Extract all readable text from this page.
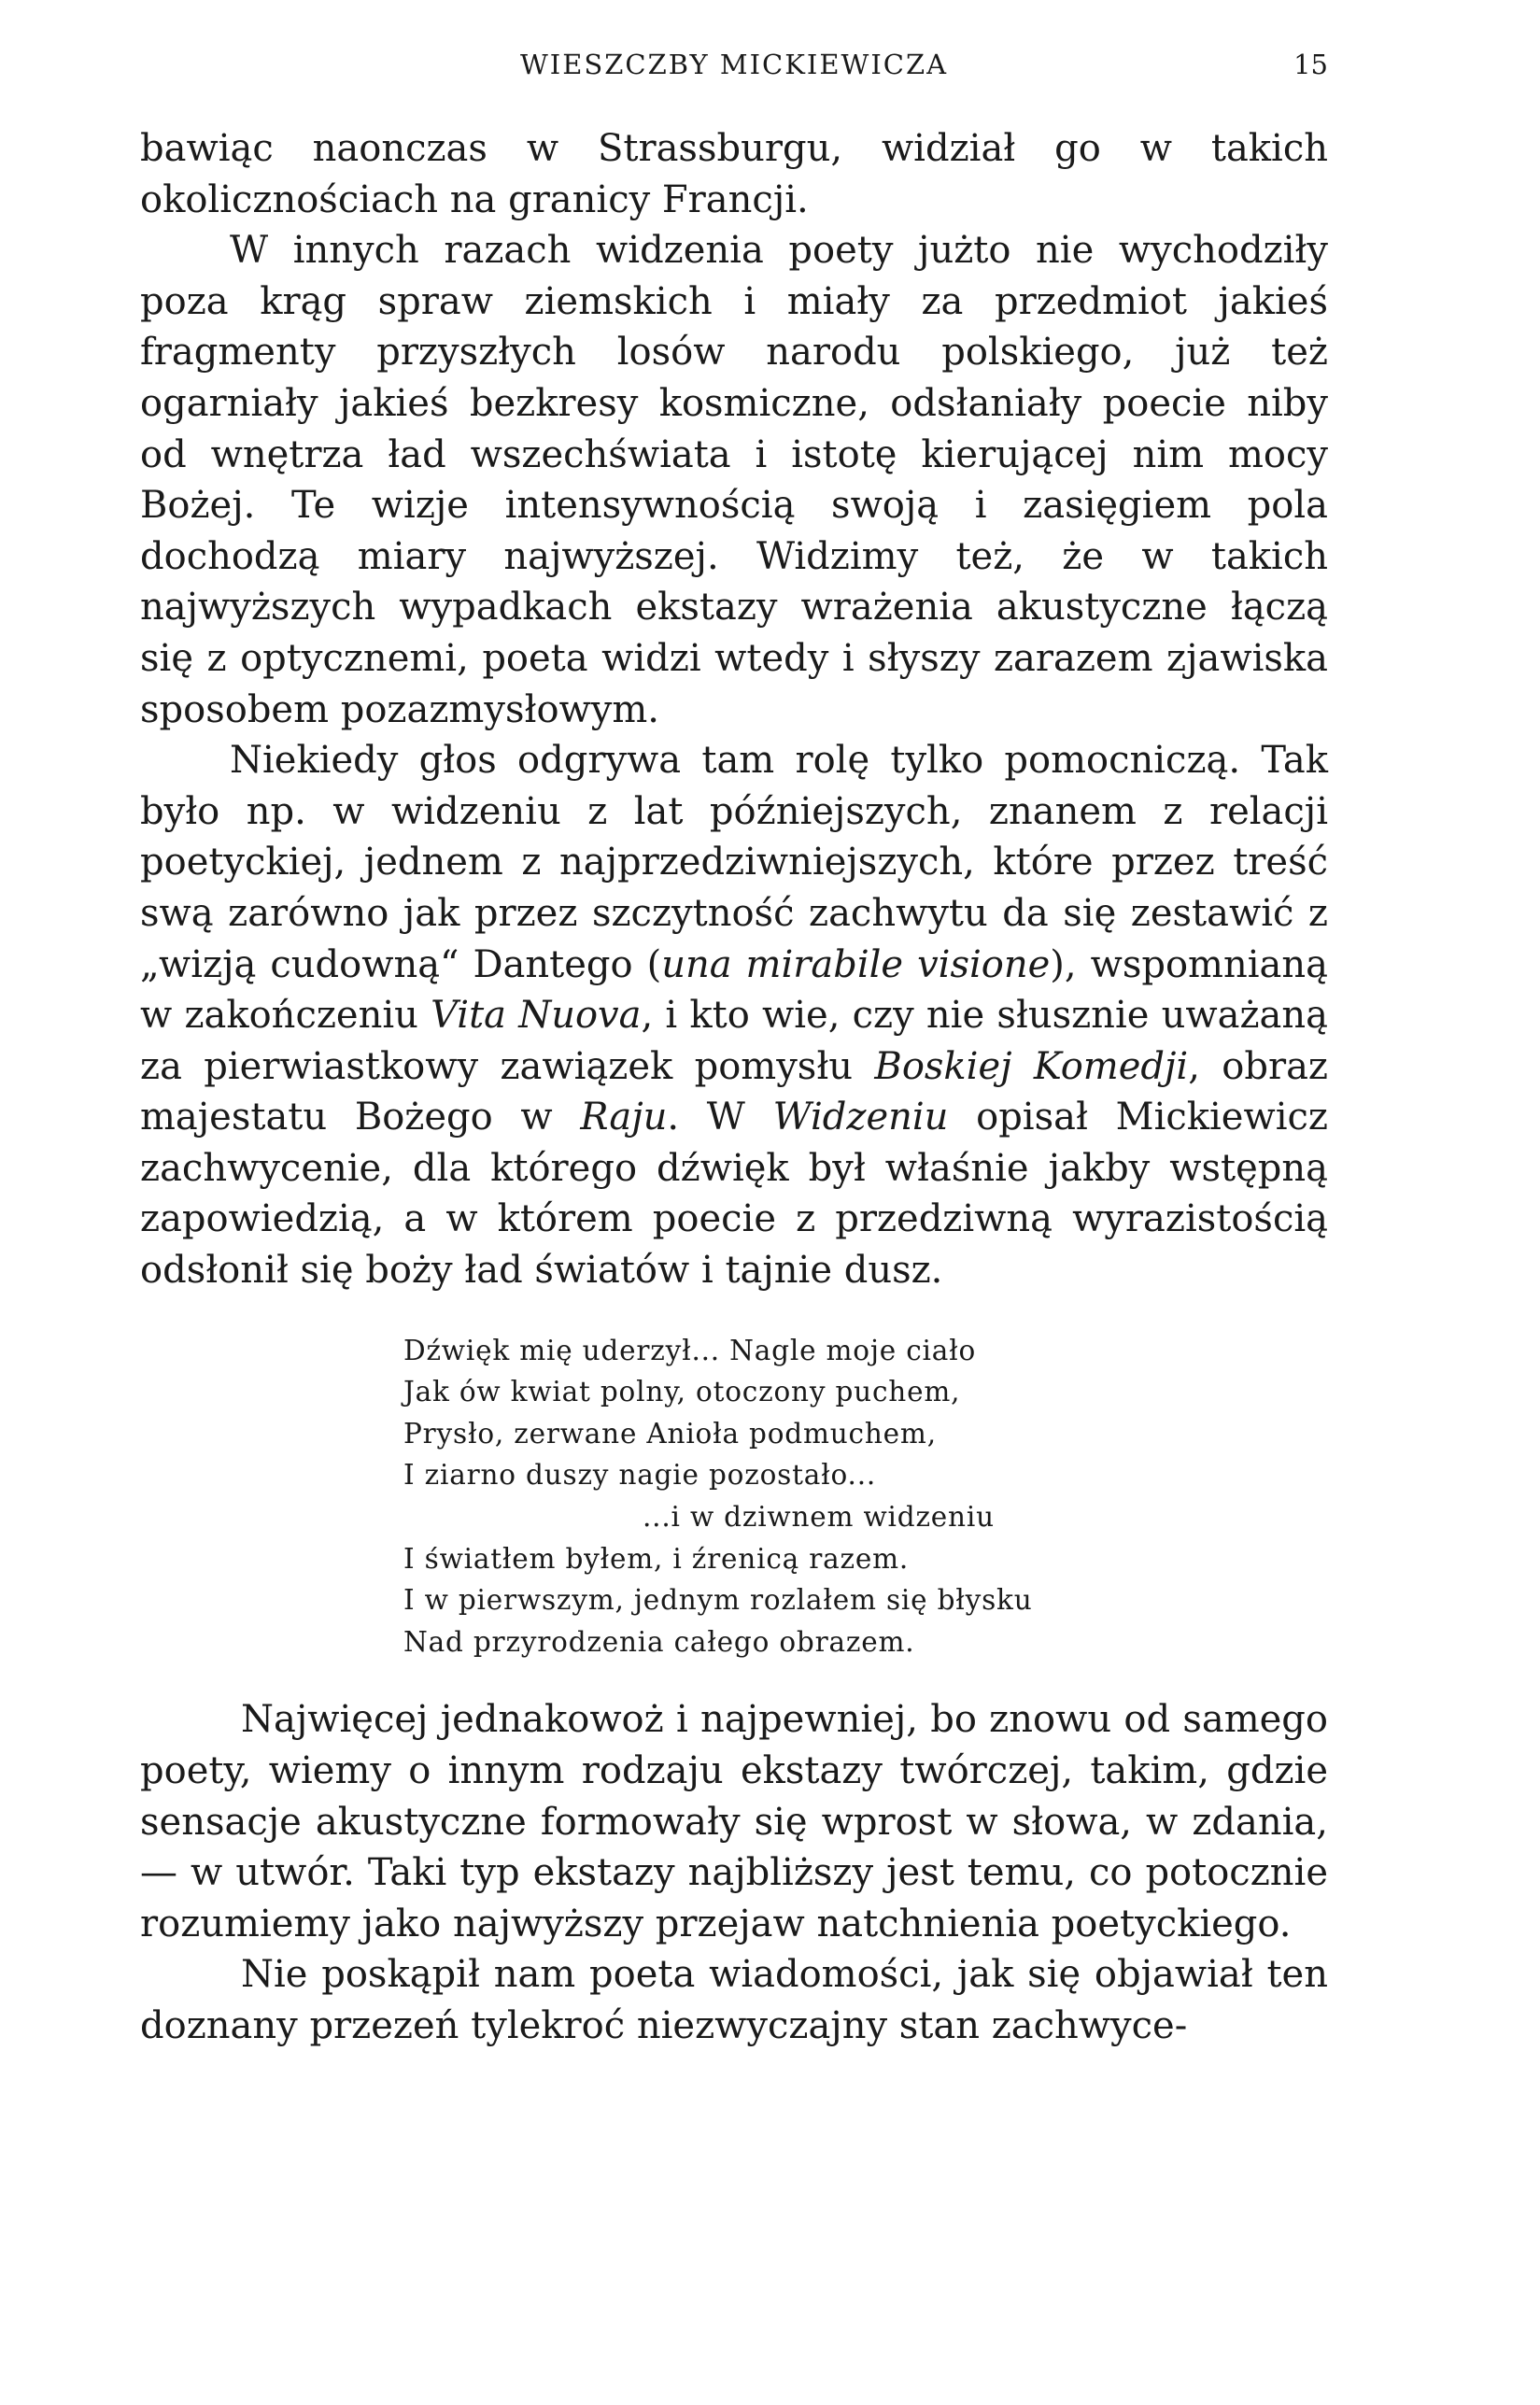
WIESZCZBY MICKIEWICZA	15

bawiąc naonczas w Strassburgu, widział go w takich okolicznościach na granicy Francji.

W innych razach widzenia poety jużto nie wychodziły poza krąg spraw ziemskich i miały za przedmiot jakieś fragmenty przyszłych losów narodu polskiego, już też ogarniały jakieś bezkresy kosmiczne, odsłaniały poecie niby od wnętrza ład wszechświata i istotę kierującej nim mocy Bożej. Te wizje intensywnością swoją i zasięgiem pola dochodzą miary najwyższej. Widzimy też, że w takich najwyższych wypadkach ekstazy wrażenia akustyczne łączą się z optycznemi, poeta widzi wtedy i słyszy zarazem zjawiska sposobem pozazmysłowym.

Niekiedy głos odgrywa tam rolę tylko pomocniczą. Tak było np. w widzeniu z lat późniejszych, znanem z relacji poetyckiej, jednem z najprzedziwniejszych, które przez treść swą zarówno jak przez szczytność zachwytu da się zestawić z „wizją cudowną“ Dantego (una mirabile visione), wspomnianą w zakończeniu Vita Nuova, i kto wie, czy nie słusznie uważaną za pierwiastkowy zawiązek pomysłu Boskiej Komedji, obraz majestatu Bożego w Raju. W Widzeniu opisał Mickiewicz zachwycenie, dla którego dźwięk był właśnie jakby wstępną zapowiedzią, a w którem poecie z przedziwną wyrazistością odsłonił się boży ład światów i tajnie dusz.

Dźwięk mię uderzył... Nagle moje ciało
Jak ów kwiat polny, otoczony puchem,
Prysło, zerwane Anioła podmuchem,
I ziarno duszy nagie pozostało...
...i w dziwnem widzeniu
I światłem byłem, i źrenicą razem.
I w pierwszym, jednym rozlałem się błysku
Nad przyrodzenia całego obrazem.

Najwięcej jednakowoż i najpewniej, bo znowu od samego poety, wiemy o innym rodzaju ekstazy twórczej, takim, gdzie sensacje akustyczne formowały się wprost w słowa, w zdania, — w utwór. Taki typ ekstazy najbliższy jest temu, co potocznie rozumiemy jako najwyższy przejaw natchnienia poetyckiego.

Nie poskąpił nam poeta wiadomości, jak się objawiał ten doznany przezeń tylekroć niezwyczajny stan zachwyce-
